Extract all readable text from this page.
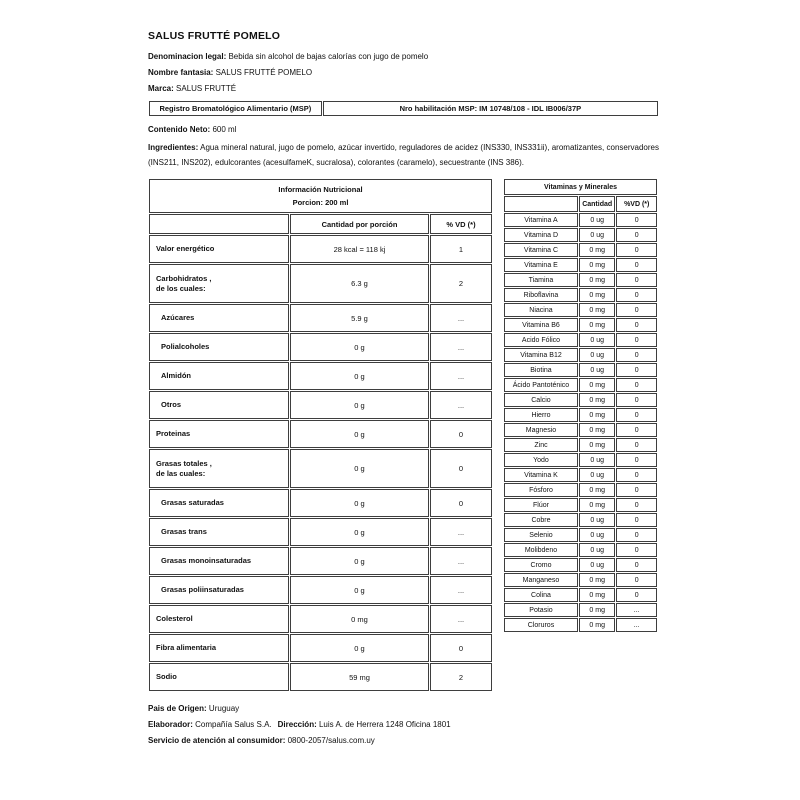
SALUS FRUTTÉ POMELO

Denominacion legal: Bebida sin alcohol de bajas calorías con jugo de pomelo

Nombre fantasia: SALUS FRUTTÉ POMELO

Marca: SALUS FRUTTÉ

Registro Bromatológico Alimentario (MSP)	Nro habilitación MSP: IM 10748/108 - IDL IB006/37P

Contenido Neto: 600 ml

Ingredientes: Agua mineral natural, jugo de pomelo, azúcar invertido, reguladores de acidez (INS330, INS331ii), aromatizantes, conservadores (INS211, INS202), edulcorantes (acesulfameK, sucralosa), colorantes (caramelo), secuestrante (INS 386).

Información Nutricional
Porcion: 200 ml		

	Cantidad por porción	% VD (*)

Valor energético	28 kcal = 118 kj	1

Carbohidratos ,
de los cuales:	6.3 g	2

Azúcares	5.9 g	...

Polialcoholes	0 g	...

Almidón	0 g	...

Otros	0 g	...

Proteinas	0 g	0

Grasas totales ,
de las cuales:	0 g	0

Grasas saturadas	0 g	0

Grasas trans	0 g	...

Grasas monoinsaturadas	0 g	...

Grasas poliinsaturadas	0 g	...

Colesterol	0 mg	...

Fibra alimentaria	0 g	0

Sodio	59 mg	2
Vitaminas y Minerales		
	Cantidad	%VD (*)
Vitamina A	0 ug	0
Vitamina D	0 ug	0
Vitamina C	0 mg	0
Vitamina E	0 mg	0
Tiamina	0 mg	0
Riboflavina	0 mg	0
Niacina	0 mg	0
Vitamina B6	0 mg	0
Acido Fólico	0 ug	0
Vitamina B12	0 ug	0
Biotina	0 ug	0
Ácido Pantoténico	0 mg	0
Calcio	0 mg	0
Hierro	0 mg	0
Magnesio	0 mg	0
Zinc	0 mg	0
Yodo	0 ug	0
Vitamina K	0 ug	0
Fósforo	0 mg	0
Flúor	0 mg	0
Cobre	0 ug	0
Selenio	0 ug	0
Molibdeno	0 ug	0
Cromo	0 ug	0
Manganeso	0 mg	0
Colina	0 mg	0
Potasio	0 mg	...
Cloruros	0 mg	...

Pais de Origen: Uruguay

Elaborador: Compañía Salus S.A. Dirección: Luis A. de Herrera 1248 Oficina 1801

Servicio de atención al consumidor: 0800-2057/salus.com.uy
